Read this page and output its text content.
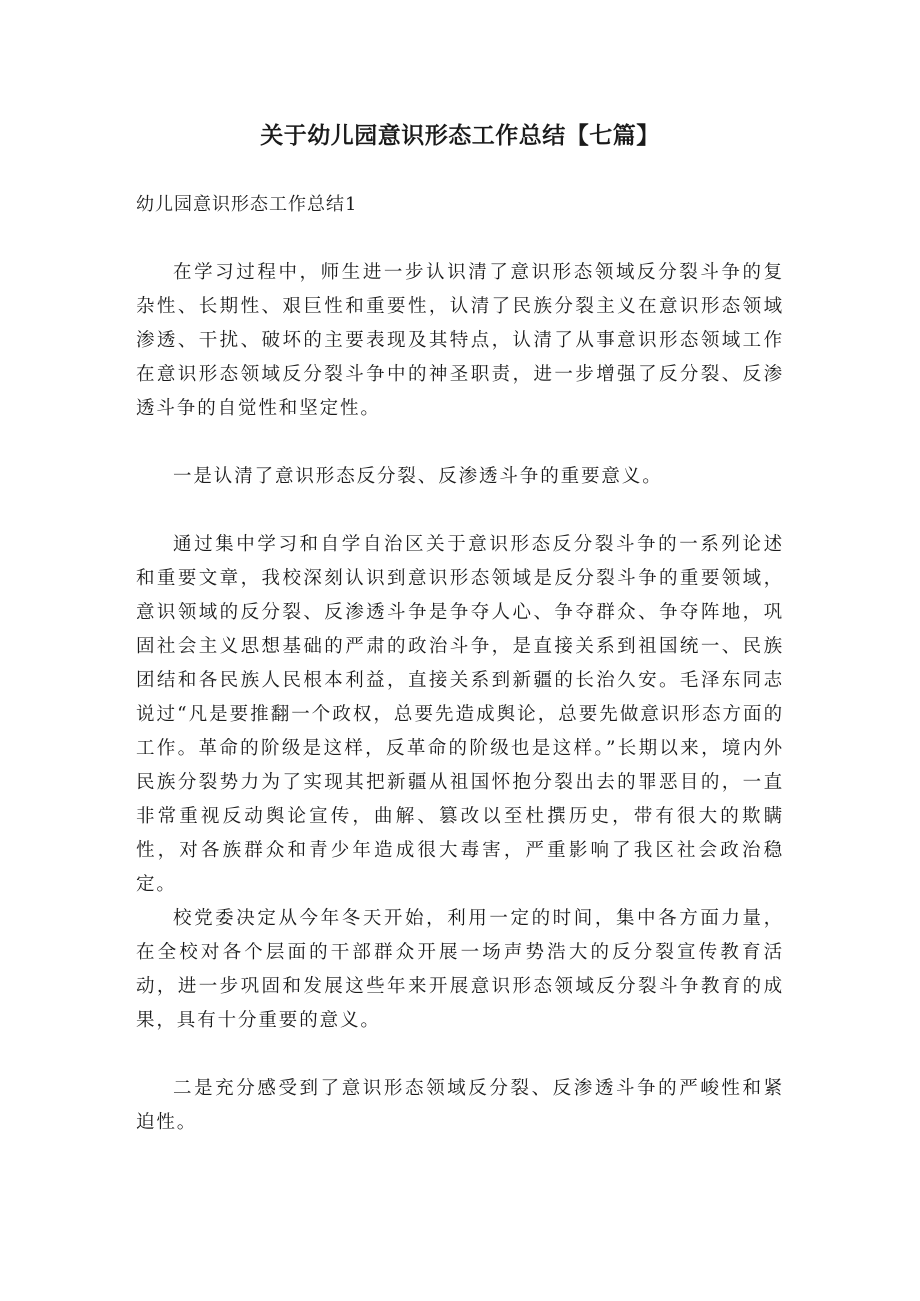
关于幼儿园意识形态工作总结【七篇】
幼儿园意识形态工作总结1

在学习过程中，师生进一步认识清了意识形态领域反分裂斗争的复杂性、长期性、艰巨性和重要性，认清了民族分裂主义在意识形态领域渗透、干扰、破坏的主要表现及其特点，认清了从事意识形态领域工作在意识形态领域反分裂斗争中的神圣职责，进一步增强了反分裂、反渗透斗争的自觉性和坚定性。

一是认清了意识形态反分裂、反渗透斗争的重要意义。

通过集中学习和自学自治区关于意识形态反分裂斗争的一系列论述和重要文章，我校深刻认识到意识形态领域是反分裂斗争的重要领域，意识领域的反分裂、反渗透斗争是争夺人心、争夺群众、争夺阵地，巩固社会主义思想基础的严肃的政治斗争，是直接关系到祖国统一、民族团结和各民族人民根本利益，直接关系到新疆的长治久安。毛泽东同志说过“凡是要推翻一个政权，总要先造成舆论，总要先做意识形态方面的工作。革命的阶级是这样，反革命的阶级也是这样。”长期以来，境内外民族分裂势力为了实现其把新疆从祖国怀抱分裂出去的罪恶目的，一直非常重视反动舆论宣传，曲解、篡改以至杜撰历史，带有很大的欺瞒性，对各族群众和青少年造成很大毒害，严重影响了我区社会政治稳定。

校党委决定从今年冬天开始，利用一定的时间，集中各方面力量，在全校对各个层面的干部群众开展一场声势浩大的反分裂宣传教育活动，进一步巩固和发展这些年来开展意识形态领域反分裂斗争教育的成果，具有十分重要的意义。

二是充分感受到了意识形态领域反分裂、反渗透斗争的严峻性和紧迫性。
